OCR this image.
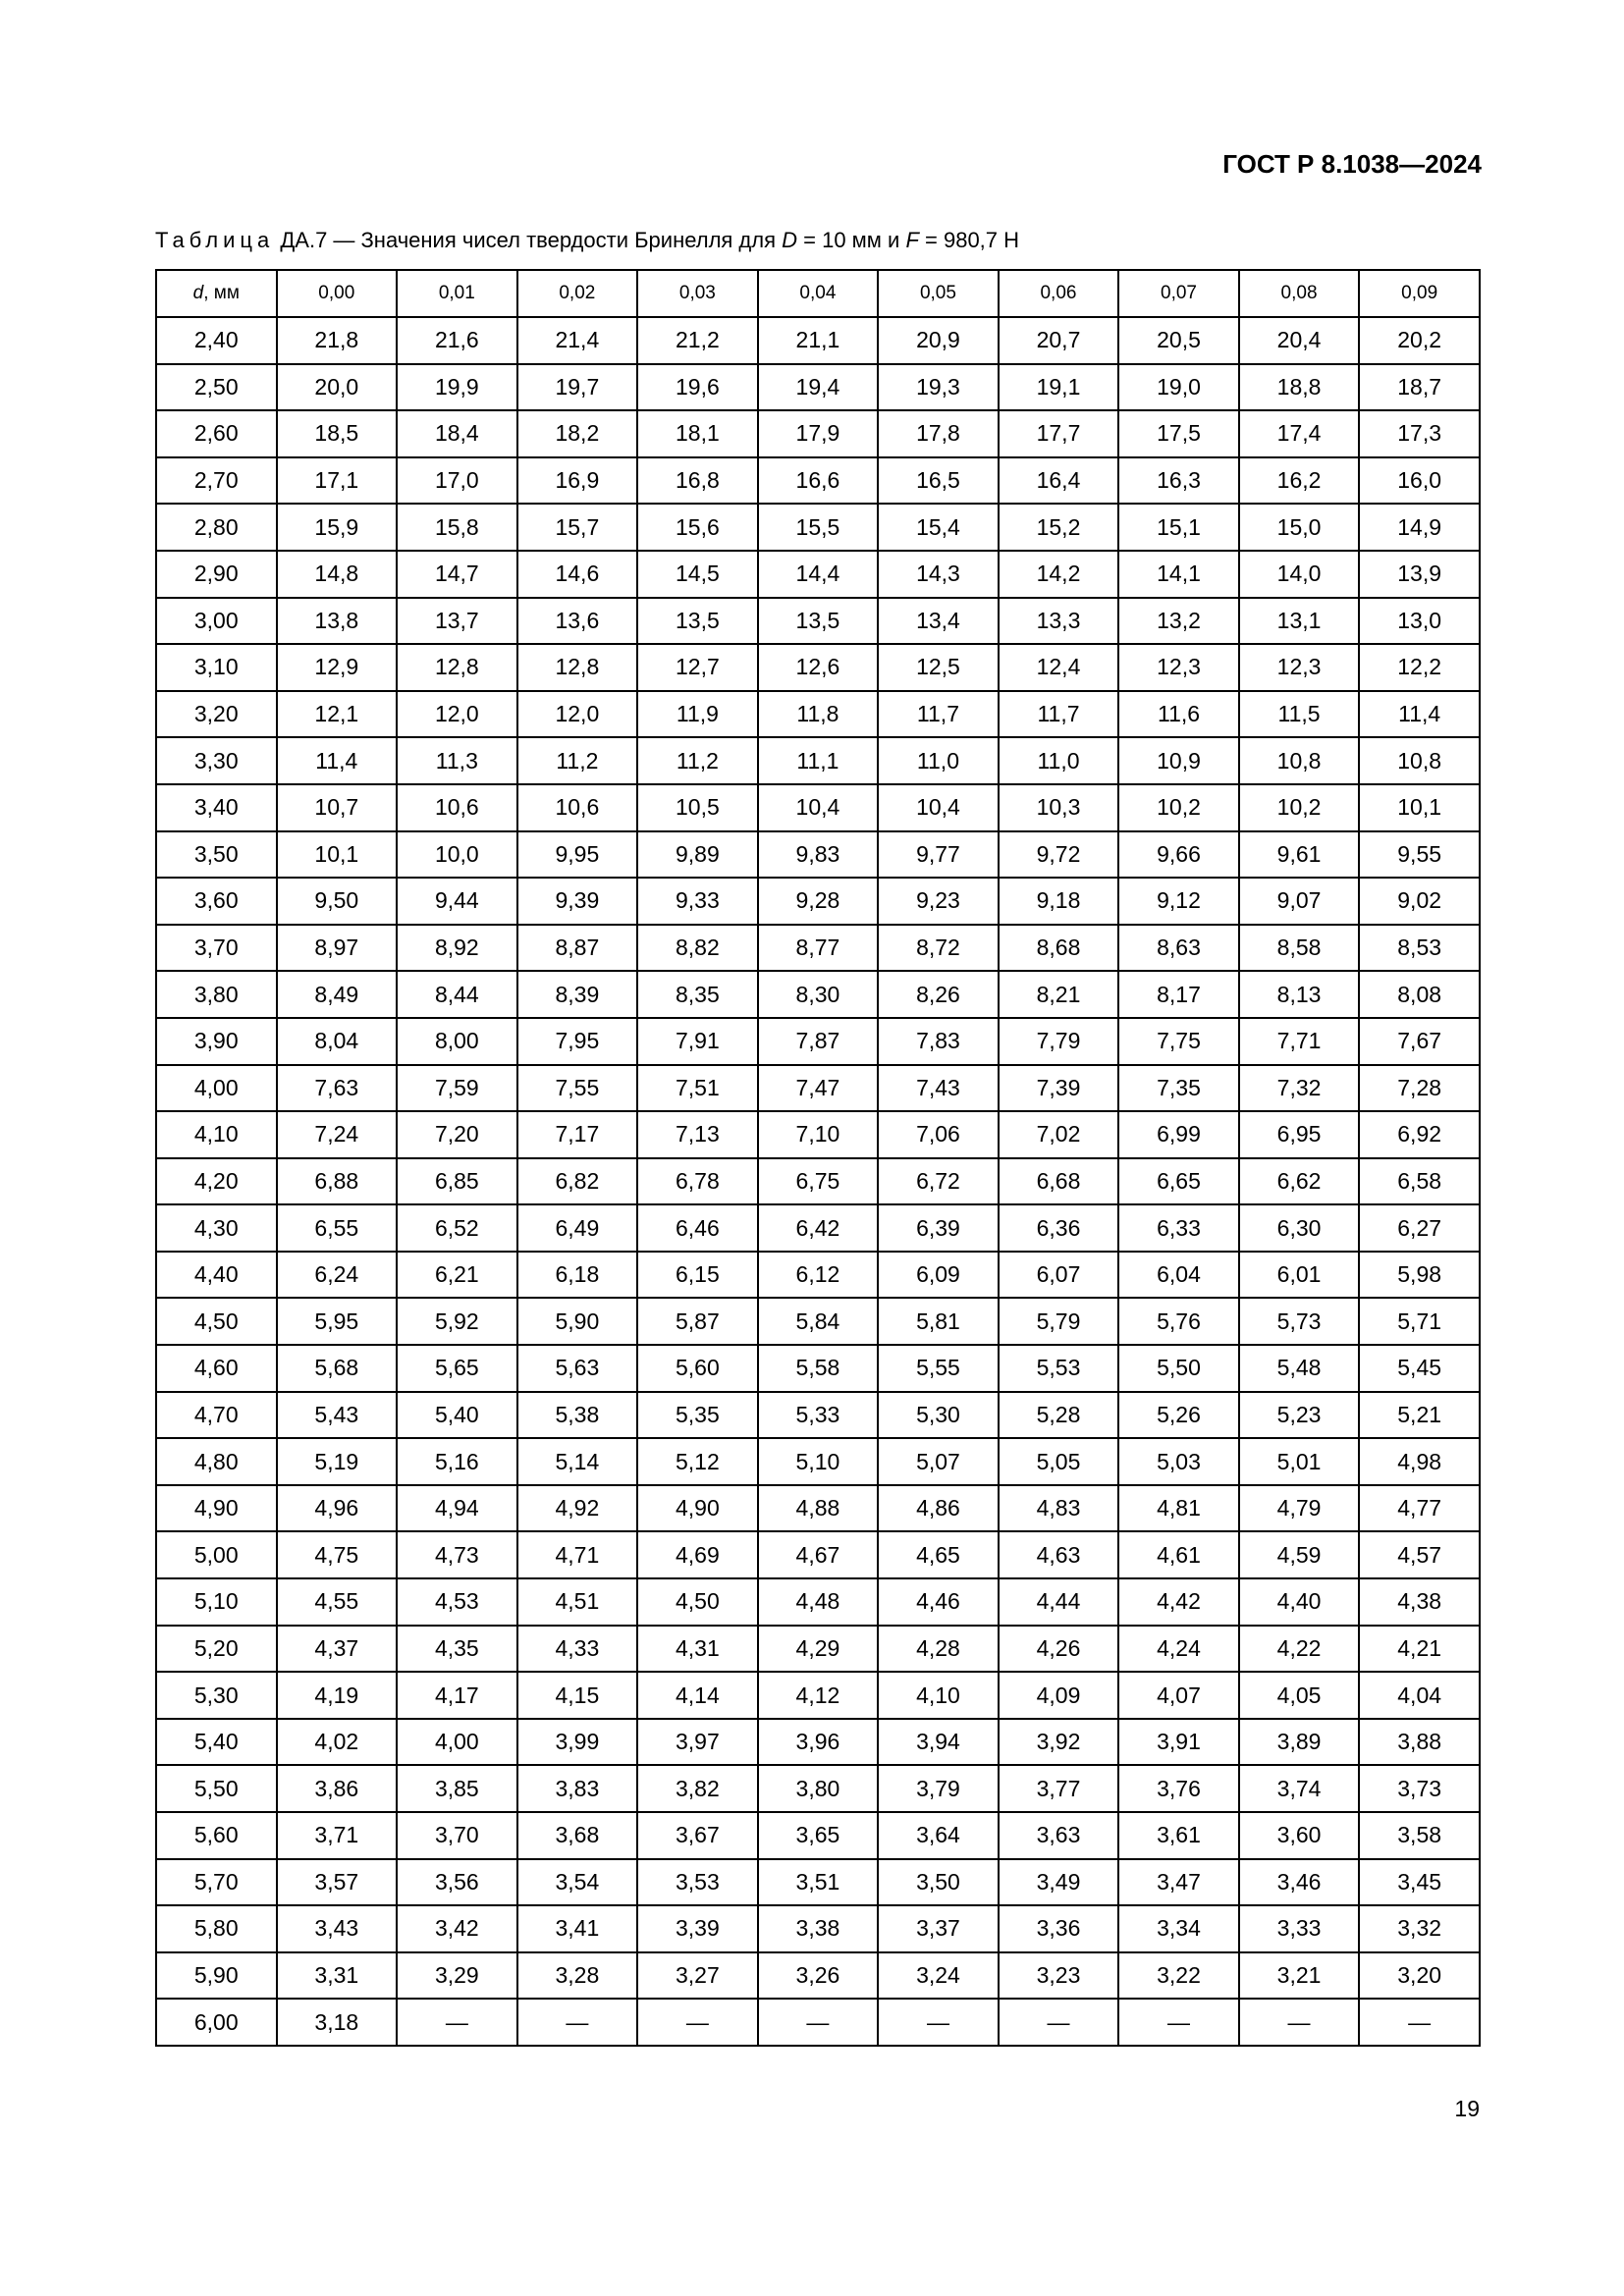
ГОСТ Р 8.1038—2024

Таблица ДА.7 — Значения чисел твердости Бринелля для D = 10 мм и F = 980,7 Н

d, мм	0,00	0,01	0,02	0,03	0,04	0,05	0,06	0,07	0,08	0,09
2,40	21,8	21,6	21,4	21,2	21,1	20,9	20,7	20,5	20,4	20,2
2,50	20,0	19,9	19,7	19,6	19,4	19,3	19,1	19,0	18,8	18,7
2,60	18,5	18,4	18,2	18,1	17,9	17,8	17,7	17,5	17,4	17,3
2,70	17,1	17,0	16,9	16,8	16,6	16,5	16,4	16,3	16,2	16,0
2,80	15,9	15,8	15,7	15,6	15,5	15,4	15,2	15,1	15,0	14,9
2,90	14,8	14,7	14,6	14,5	14,4	14,3	14,2	14,1	14,0	13,9
3,00	13,8	13,7	13,6	13,5	13,5	13,4	13,3	13,2	13,1	13,0
3,10	12,9	12,8	12,8	12,7	12,6	12,5	12,4	12,3	12,3	12,2
3,20	12,1	12,0	12,0	11,9	11,8	11,7	11,7	11,6	11,5	11,4
3,30	11,4	11,3	11,2	11,2	11,1	11,0	11,0	10,9	10,8	10,8
3,40	10,7	10,6	10,6	10,5	10,4	10,4	10,3	10,2	10,2	10,1
3,50	10,1	10,0	9,95	9,89	9,83	9,77	9,72	9,66	9,61	9,55
3,60	9,50	9,44	9,39	9,33	9,28	9,23	9,18	9,12	9,07	9,02
3,70	8,97	8,92	8,87	8,82	8,77	8,72	8,68	8,63	8,58	8,53
3,80	8,49	8,44	8,39	8,35	8,30	8,26	8,21	8,17	8,13	8,08
3,90	8,04	8,00	7,95	7,91	7,87	7,83	7,79	7,75	7,71	7,67
4,00	7,63	7,59	7,55	7,51	7,47	7,43	7,39	7,35	7,32	7,28
4,10	7,24	7,20	7,17	7,13	7,10	7,06	7,02	6,99	6,95	6,92
4,20	6,88	6,85	6,82	6,78	6,75	6,72	6,68	6,65	6,62	6,58
4,30	6,55	6,52	6,49	6,46	6,42	6,39	6,36	6,33	6,30	6,27
4,40	6,24	6,21	6,18	6,15	6,12	6,09	6,07	6,04	6,01	5,98
4,50	5,95	5,92	5,90	5,87	5,84	5,81	5,79	5,76	5,73	5,71
4,60	5,68	5,65	5,63	5,60	5,58	5,55	5,53	5,50	5,48	5,45
4,70	5,43	5,40	5,38	5,35	5,33	5,30	5,28	5,26	5,23	5,21
4,80	5,19	5,16	5,14	5,12	5,10	5,07	5,05	5,03	5,01	4,98
4,90	4,96	4,94	4,92	4,90	4,88	4,86	4,83	4,81	4,79	4,77
5,00	4,75	4,73	4,71	4,69	4,67	4,65	4,63	4,61	4,59	4,57
5,10	4,55	4,53	4,51	4,50	4,48	4,46	4,44	4,42	4,40	4,38
5,20	4,37	4,35	4,33	4,31	4,29	4,28	4,26	4,24	4,22	4,21
5,30	4,19	4,17	4,15	4,14	4,12	4,10	4,09	4,07	4,05	4,04
5,40	4,02	4,00	3,99	3,97	3,96	3,94	3,92	3,91	3,89	3,88
5,50	3,86	3,85	3,83	3,82	3,80	3,79	3,77	3,76	3,74	3,73
5,60	3,71	3,70	3,68	3,67	3,65	3,64	3,63	3,61	3,60	3,58
5,70	3,57	3,56	3,54	3,53	3,51	3,50	3,49	3,47	3,46	3,45
5,80	3,43	3,42	3,41	3,39	3,38	3,37	3,36	3,34	3,33	3,32
5,90	3,31	3,29	3,28	3,27	3,26	3,24	3,23	3,22	3,21	3,20
6,00	3,18	—	—	—	—	—	—	—	—	—

19
